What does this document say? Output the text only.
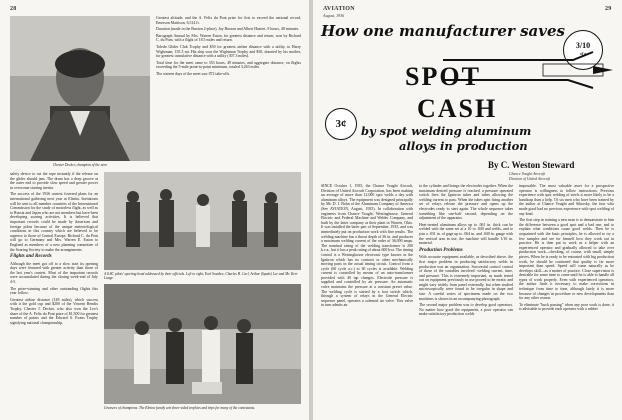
28
Chester Decker, champion of the aero

Greatest altitude, and the A. Felix du Pont prize for first to exceed the national record, Emerson Mattison, 6,514 ft.

Duration (made in the Buxton 2-place), Jay Buxton and Albert Hastert, 9 hours, 48 minutes.

Barograph Annual by Mrs. Warren Eaton, for greatest distance and return, won by Richard C. du Pont, with a flight of 18.5 miles and return.

Toledo Glider Club Trophy and $50 for greatest airline distance with a utility, to Harry Wightman, 155.3 mi. His ship won the Wightman Trophy and $50, donated by his mother, for greatest cumulative distance with a utility (307.3 miles).

Total time for the meet came to 353 hours, 49 minutes, and aggregate distance, on flights exceeding the 5-mile point-to-point minimum, totaled 3,263 miles.

The sixteen days of the meet saw 872 take-offs.

safety device to cut the rope instantly if the release on the glider should jam. The drum has a deep groove at the outer end to provide slow speed and greater power in overcome starting inertia.

The success of the 1936 contest fostered plans for an international gathering next year at Elmira. Invitations will be sent to all member countries of the International Commission for the study of motorless flight, as well as to Russia and Japan who are not members but have been developing soaring activities. It is believed that important records could be made by American and foreign pilots because of the unique meteorological conditions in this country which are believed to be superior to those of Central Europe. Richard C. du Pont will go to Germany and Mrs. Warren E. Eaton to England as members of a new planning committee of the Soaring Society to make the arrangements.

Flights and Records

Although the meet got off to a slow start its opening days were featured with greater activity than those of the last year's contest. Most of the important records were accumulated during the closing week-end of July 4-5.

The prize-winning and other outstanding flights this year follow:

Greatest airline distance (148 miles), which success with it the gold cup and $200 of the Vincent Bendix Trophy, Chester J. Decker, who also won the Leo's share of the A. Felix du Pont prize of $1,500 for greatest number of points and the Edward S. Evans Trophy signifying national championship.

A $.8C pilots' sporting head addressed by their officials. Left to right, Earl Southee, Charles H. Carl, Arthur (Spuds) Lee and Mr. Kerr Lange.
Greasers of champions. The Elmira family win three-sided trophies and trips for many of the contestants.
AVIATION
August, 1936
29
How one manufacturer saves
3/10
of a
SPOT
CASH
3¢ by spot welding aluminum
alloys in production
By C. Weston Steward
Chance Vought Aircraft
Division of United Aircraft

SINCE October 1, 1935, the Chance Vought Aircraft, Division of United Aircraft Corporation, has been making an average of more than 12,000 spot welds a day with aluminum alloys. The equipment was designed principally by Mr. D. I. Bohn of the Aluminum Company of America (See AVIATION, August, 1935). In collaboration with engineers from Chance Vought, Westinghouse, General Electric and Federal Machine and Welder Company, and built by the latter company at their plant in Warren, Ohio. It was installed the latter part of September, 1935, and was immediately put on production work with fine results. The welding machine has a throat depth of 36 in. and produces a maximum welding current of the order of 36,000 amps. The nominal rating of the welding transformer is 200 k.v.a., but it has a peak rating of about 600 kva. The timing control is a Westinghouse electronic type known as the Ignitron which has no contacts or other mechanically moving parts in the actual timing circuit. Control from a cycle (60 cycle a.c.) to 30 cycles is available. Welding current is controlled by means of an auto-transformer provided with 40 tap changes. Electrode pressure is supplied and controlled by air pressure. An automatic valve maintains the pressure at a constant preset value. The welding cycle is started by a foot switch which, through a system of relays in the General Electric sequence panel, operates a solenoid air valve. This valve in turn admits air

to the cylinder and brings the electrodes together. When the maximum desired pressure is reached, a pressure operated switch fires the Ignitron tubes and tubes allowing the welding current to pass. When the tubes spin firing another set of relays release the pressure and opens up the electrodes ready to start again. The whole sequence takes something like one-half second, depending on the adjustment of the apparatus.

Heat-treated aluminum alloys up to .061 in. thick can be welded with the same set at a 10 to .040 and welds, and to join a .031 in. of gage up to .064 in. and .040 in. gauge with the vertical arm in use, the machine will handle 1/16 in. material.

Production Problems

With accurate equipment available, as described above, the first major problem in producing satisfactory welds in production was an organization. Successful control control of those of the variables involved: welding current, time, and pressure. This is extremely important, as much tested out on equipment previously in use proved to be erratic and might vary widely from panel externally, but when studied microscopically were found to be irregular in shape and size. A careful series of specimens made on the two machines is shown in an accompanying photograph.

The second major problem was to develop good operators. No matter how good the equipment, a poor operator can make satisfactory production welds

impossible. The most valuable asset for a prospective operator is willingness to follow instructions. Previous experience with spot welding of steels is more likely to be a handicap than a help. Of six men who have been trained by the author at Chance Vought and Sikorsky, the four who made good had no previous experience with spot welding of any kind.

The first step in training a new man is to demonstrate to him the difference between a good spot and a bad one, and to explain what conditions cause good welds. Then he is acquainted with the basic principles, he is allowed to try a few samples and see for himself how they work out in practice. He is then put to work as a helper with an experienced operator and gradually allowed to take over production work—checking, of course, with small, simple pieces. When he is ready to be entrusted with big production work, he should be cautioned that quality is far more important than speed. Speed will come naturally as he develops skill—as a matter of practice. Close supervision is desirable for some time to come until he is able to handle all types of work properly. Even with experienced operators, the author finds it necessary to make corrections in technique from time to time, although lately it is more because of changes in procedure or new developments than for any other reason.

To eliminate "buck passing" when any poor work is done, it is advisable to provide each operator with a rubber
